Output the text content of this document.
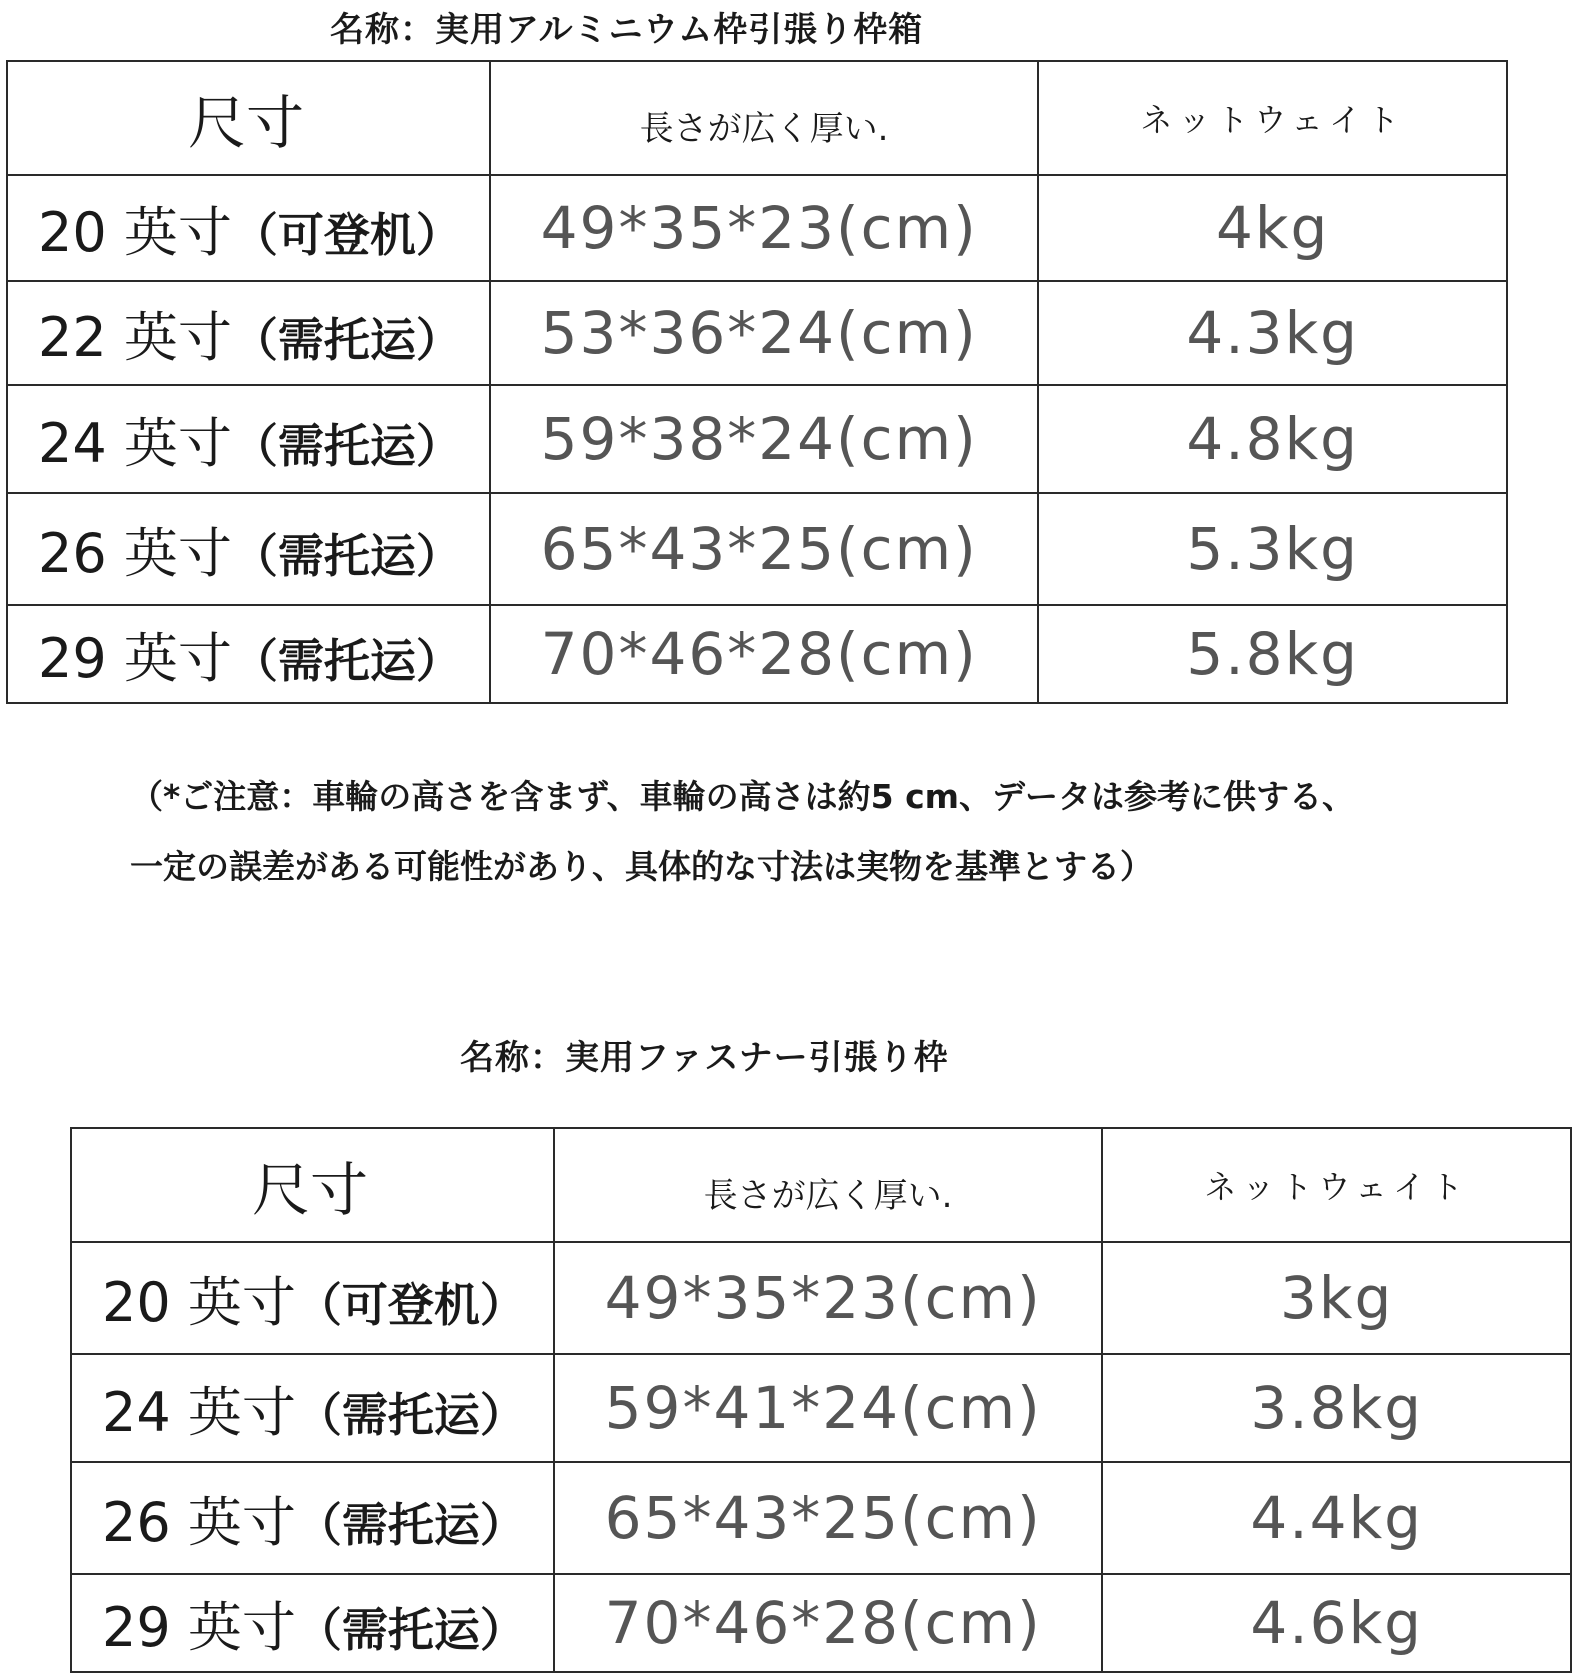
名称：実用アルミニウム枠引張り枠箱
尺寸	長さが広く厚い.	ネットウェイト
20 英寸（可登机）	49*35*23(cm)	4kg
22 英寸（需托运）	53*36*24(cm)	4.3kg
24 英寸（需托运）	59*38*24(cm)	4.8kg
26 英寸（需托运）	65*43*25(cm)	5.3kg
29 英寸（需托运）	70*46*28(cm)	5.8kg
（*ご注意：車輪の高さを含まず、車輪の高さは約5 cm、データは参考に供する、
一定の誤差がある可能性があり、具体的な寸法は実物を基準とする）
名称：実用ファスナー引張り枠
尺寸	長さが広く厚い.	ネットウェイト
20 英寸（可登机）	49*35*23(cm)	3kg
24 英寸（需托运）	59*41*24(cm)	3.8kg
26 英寸（需托运）	65*43*25(cm)	4.4kg
29 英寸（需托运）	70*46*28(cm)	4.6kg
